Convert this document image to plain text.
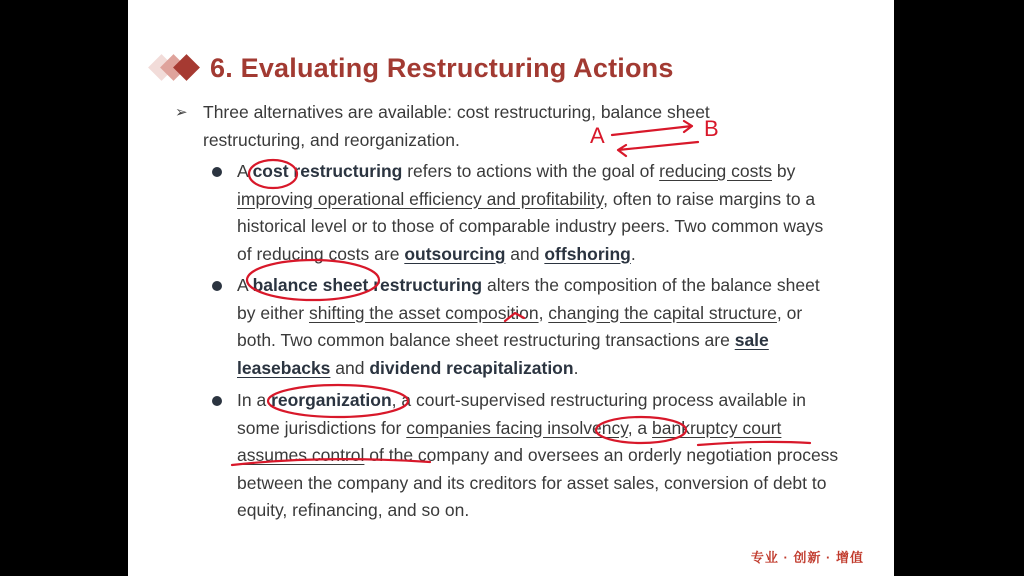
6. Evaluating Restructuring Actions
➢ Three alternatives are available: cost restructuring, balance sheet restructuring, and reorganization.
A cost restructuring refers to actions with the goal of reducing costs by improving operational efficiency and profitability, often to raise margins to a historical level or to those of comparable industry peers. Two common ways of reducing costs are outsourcing and offshoring.
A balance sheet restructuring alters the composition of the balance sheet by either shifting the asset composition, changing the capital structure, or both. Two common balance sheet restructuring transactions are sale leasebacks and dividend recapitalization.
In a reorganization, a court-supervised restructuring process available in some jurisdictions for companies facing insolvency, a bankruptcy court assumes control of the company and oversees an orderly negotiation process between the company and its creditors for asset sales, conversion of debt to equity, refinancing, and so on.
专业 · 创新 · 增值
A	B
